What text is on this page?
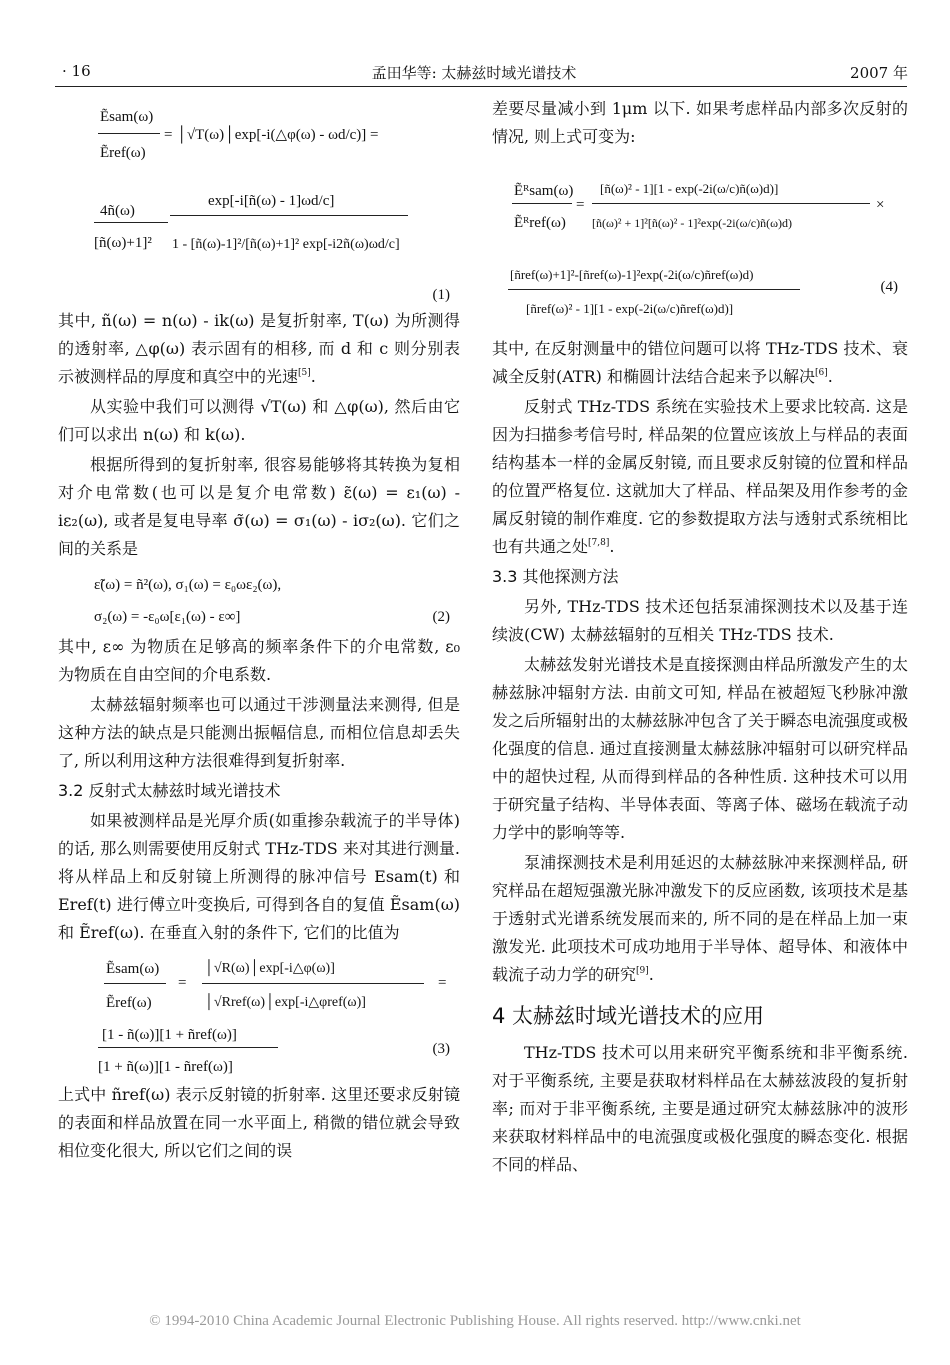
· 16	孟田华等: 太赫兹时域光谱技术	2007 年
Ẽsam(ω)
Ẽref(ω)
= │√T(ω)│exp[-i(△φ(ω) - ωd/c)] =
4ñ(ω)
[ñ(ω)+1]²
exp[-i[ñ(ω) - 1]ωd/c]
1 - [ñ(ω)-1]²/[ñ(ω)+1]² exp[-i2ñ(ω)ωd/c]
(1)

其中, ñ(ω) = n(ω) - ik(ω) 是复折射率, T(ω) 为所测得的透射率, △φ(ω) 表示固有的相移, 而 d 和 c 则分别表示被测样品的厚度和真空中的光速[5].

从实验中我们可以测得 √T(ω) 和 △φ(ω), 然后由它们可以求出 n(ω) 和 k(ω).

根据所得到的复折射率, 很容易能够将其转换为复相对介电常数(也可以是复介电常数) ε̃(ω) = ε₁(ω) - iε₂(ω), 或者是复电导率 σ̃(ω) = σ₁(ω) - iσ₂(ω). 它们之间的关系是

ε̃(ω) = ñ²(ω), σ₁(ω) = ε₀ωε₂(ω),
σ₂(ω) = -ε₀ω[ε₁(ω) - ε∞]	(2)

其中, ε∞ 为物质在足够高的频率条件下的介电常数, ε₀ 为物质在自由空间的介电系数.

太赫兹辐射频率也可以通过干涉测量法来测得, 但是这种方法的缺点是只能测出振幅信息, 而相位信息却丢失了, 所以利用这种方法很难得到复折射率.

3.2 反射式太赫兹时域光谱技术

如果被测样品是光厚介质(如重掺杂载流子的半导体)的话, 那么则需要使用反射式 THz-TDS 来对其进行测量. 将从样品上和反射镜上所测得的脉冲信号 Esam(t) 和 Eref(t) 进行傅立叶变换后, 可得到各自的复值 Ẽsam(ω) 和 Ẽref(ω). 在垂直入射的条件下, 它们的比值为

Ẽsam(ω)
Ẽref(ω)
=
│√R(ω)│exp[-i△φ(ω)]
│√Rref(ω)│exp[-i△φref(ω)]
=
[1 - ñ(ω)][1 + ñref(ω)]
[1 + ñ(ω)][1 - ñref(ω)]
(3)

上式中 ñref(ω) 表示反射镜的折射率. 这里还要求反射镜的表面和样品放置在同一水平面上, 稍微的错位就会导致相位变化很大, 所以它们之间的误

差要尽量减小到 1μm 以下. 如果考虑样品内部多次反射的情况, 则上式可变为:

Ẽᴿsam(ω)
Ẽᴿref(ω)
=
[ñ(ω)² - 1][1 - exp(-2i(ω/c)ñ(ω)d)]
[ñ(ω)² + 1]²[ñ(ω)² - 1]²exp(-2i(ω/c)ñ(ω)d)
×
[ñref(ω)+1]²-[ñref(ω)-1]²exp(-2i(ω/c)ñref(ω)d)
[ñref(ω)² - 1][1 - exp(-2i(ω/c)ñref(ω)d)]
(4)

其中, 在反射测量中的错位问题可以将 THz-TDS 技术、衰减全反射(ATR) 和椭圆计法结合起来予以解决[6].

反射式 THz-TDS 系统在实验技术上要求比较高. 这是因为扫描参考信号时, 样品架的位置应该放上与样品的表面结构基本一样的金属反射镜, 而且要求反射镜的位置和样品的位置严格复位. 这就加大了样品、样品架及用作参考的金属反射镜的制作难度. 它的参数提取方法与透射式系统相比也有共通之处[7,8].

3.3 其他探测方法

另外, THz-TDS 技术还包括泵浦探测技术以及基于连续波(CW) 太赫兹辐射的互相关 THz-TDS 技术.

太赫兹发射光谱技术是直接探测由样品所激发产生的太赫兹脉冲辐射方法. 由前文可知, 样品在被超短飞秒脉冲激发之后所辐射出的太赫兹脉冲包含了关于瞬态电流强度或极化强度的信息. 通过直接测量太赫兹脉冲辐射可以研究样品中的超快过程, 从而得到样品的各种性质. 这种技术可以用于研究量子结构、半导体表面、等离子体、磁场在载流子动力学中的影响等等.

泵浦探测技术是利用延迟的太赫兹脉冲来探测样品, 研究样品在超短强激光脉冲激发下的反应函数, 该项技术是基于透射式光谱系统发展而来的, 所不同的是在样品上加一束激发光. 此项技术可成功地用于半导体、超导体、和液体中载流子动力学的研究[9].

4 太赫兹时域光谱技术的应用

THz-TDS 技术可以用来研究平衡系统和非平衡系统. 对于平衡系统, 主要是获取材料样品在太赫兹波段的复折射率; 而对于非平衡系统, 主要是通过研究太赫兹脉冲的波形来获取材料样品中的电流强度或极化强度的瞬态变化. 根据不同的样品、

© 1994-2010 China Academic Journal Electronic Publishing House. All rights reserved. http://www.cnki.net
